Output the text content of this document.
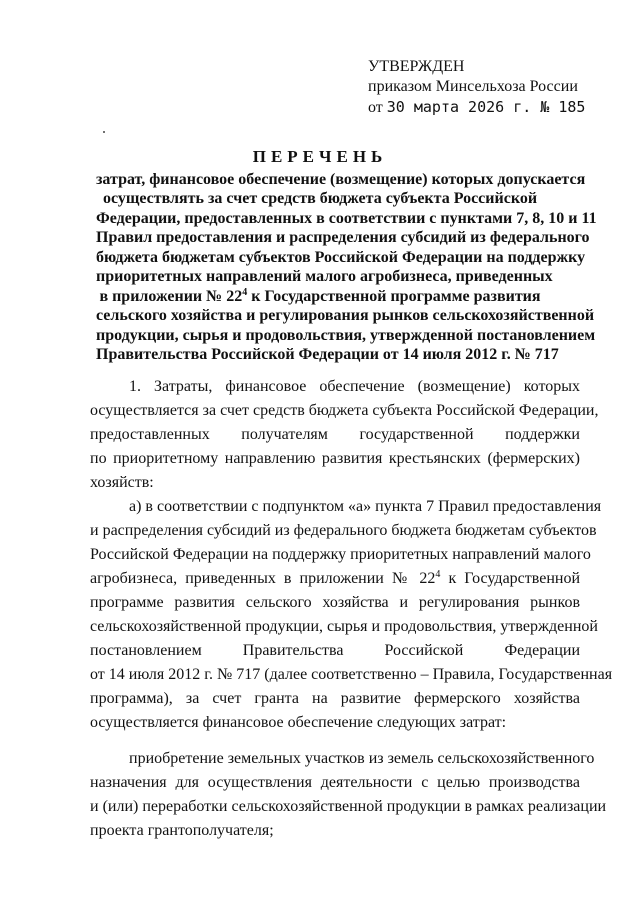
УТВЕРЖДЕН
приказом Минсельхоза России
от 30 марта 2026 г. № 185
ПЕРЕЧЕНЬ
затрат, финансовое обеспечение (возмещение) которых допускается
осуществлять за счет средств бюджета субъекта Российской
Федерации, предоставленных в соответствии с пунктами 7, 8, 10 и 11
Правил предоставления и распределения субсидий из федерального
бюджета бюджетам субъектов Российской Федерации на поддержку
приоритетных направлений малого агробизнеса, приведенных
в приложении № $22^4$ к Государственной программе развития
сельского хозяйства и регулирования рынков сельскохозяйственной
продукции, сырья и продовольствия, утвержденной постановлением
Правительства Российской Федерации от 14 июля 2012 г. № 717
1. Затраты, финансовое обеспечение (возмещение) которых
осуществляется за счет средств бюджета субъекта Российской Федерации,
предоставленных получателям государственной поддержки
по приоритетному направлению развития крестьянских (фермерских)
хозяйств:
а) в соответствии с подпунктом «а» пункта 7 Правил предоставления
и распределения субсидий из федерального бюджета бюджетам субъектов
Российской Федерации на поддержку приоритетных направлений малого
агробизнеса, приведенных в приложении № $22^4$ к Государственной
программе развития сельского хозяйства и регулирования рынков
сельскохозяйственной продукции, сырья и продовольствия, утвержденной
постановлением Правительства Российской Федерации
от 14 июля 2012 г. № 717 (далее соответственно – Правила, Государственная
программа), за счет гранта на развитие фермерского хозяйства
осуществляется финансовое обеспечение следующих затрат:
приобретение земельных участков из земель сельскохозяйственного
назначения для осуществления деятельности с целью производства
и (или) переработки сельскохозяйственной продукции в рамках реализации
проекта грантополучателя;
